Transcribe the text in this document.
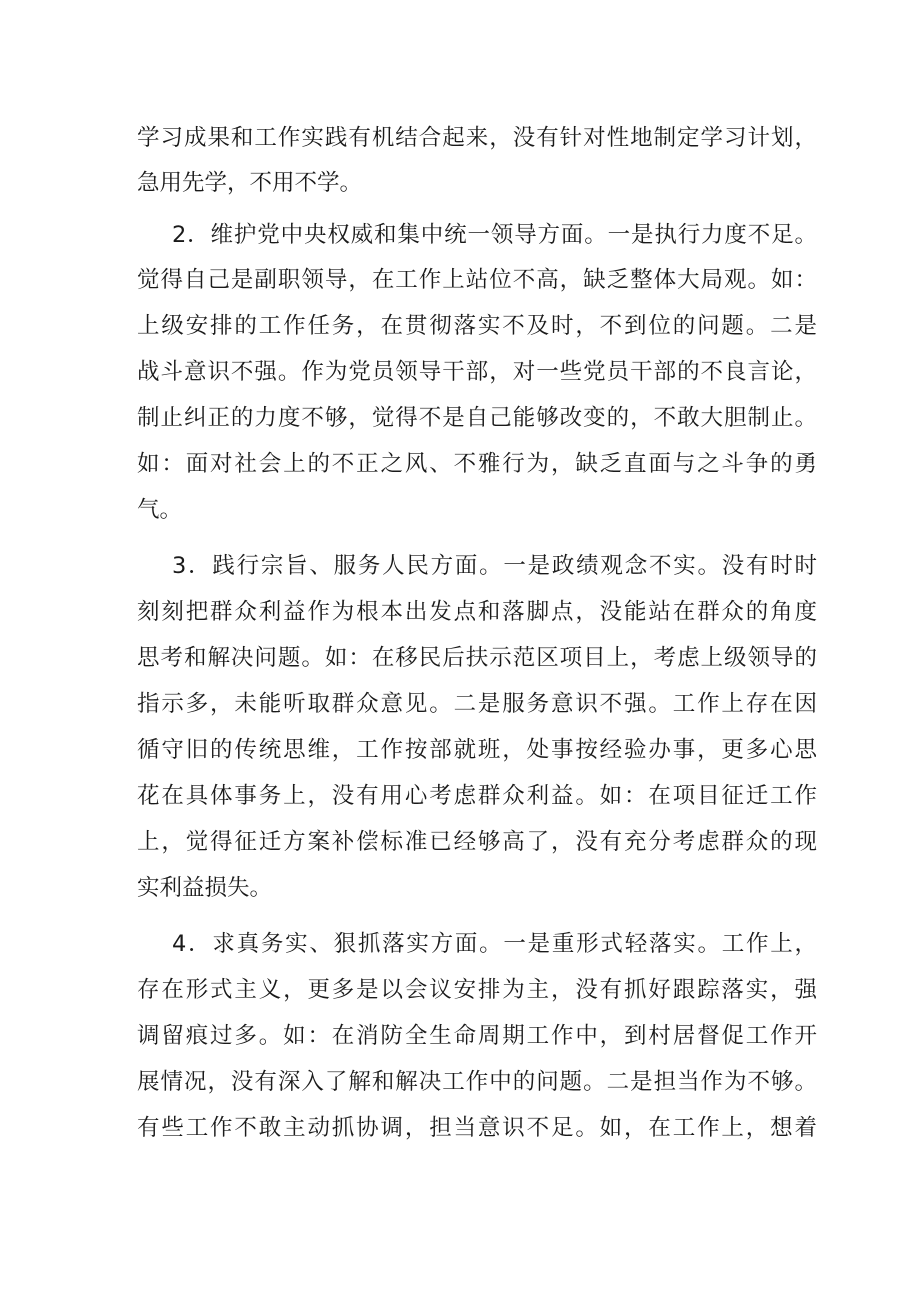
学习成果和工作实践有机结合起来，没有针对性地制定学习计划，
急用先学，不用不学。
2．维护党中央权威和集中统一领导方面。一是执行力度不足。
觉得自己是副职领导，在工作上站位不高，缺乏整体大局观。如：
上级安排的工作任务，在贯彻落实不及时，不到位的问题。二是
战斗意识不强。作为党员领导干部，对一些党员干部的不良言论，
制止纠正的力度不够，觉得不是自己能够改变的，不敢大胆制止。
如：面对社会上的不正之风、不雅行为，缺乏直面与之斗争的勇
气。
3．践行宗旨、服务人民方面。一是政绩观念不实。没有时时
刻刻把群众利益作为根本出发点和落脚点，没能站在群众的角度
思考和解决问题。如：在移民后扶示范区项目上，考虑上级领导的
指示多，未能听取群众意见。二是服务意识不强。工作上存在因
循守旧的传统思维，工作按部就班，处事按经验办事，更多心思
花在具体事务上，没有用心考虑群众利益。如：在项目征迁工作
上，觉得征迁方案补偿标准已经够高了，没有充分考虑群众的现
实利益损失。
4．求真务实、狠抓落实方面。一是重形式轻落实。工作上，
存在形式主义，更多是以会议安排为主，没有抓好跟踪落实，强
调留痕过多。如：在消防全生命周期工作中，到村居督促工作开
展情况，没有深入了解和解决工作中的问题。二是担当作为不够。
有些工作不敢主动抓协调，担当意识不足。如，在工作上，想着
